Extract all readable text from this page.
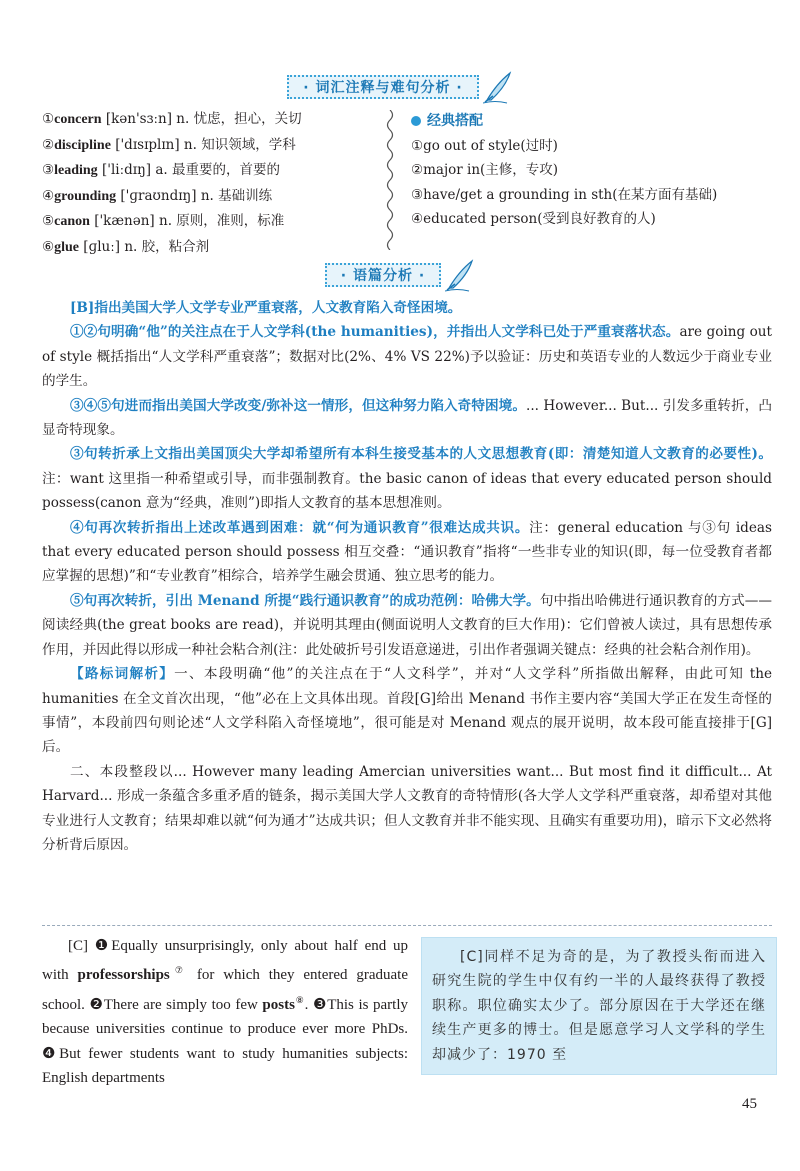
· 词汇注释与难句分析 ·
①concern [kən'sɜːn] n. 忧虑，担心，关切
②discipline ['dɪsɪplɪn] n. 知识领域，学科
③leading ['liːdɪŋ] a. 最重要的，首要的
④grounding ['ɡraʊndɪŋ] n. 基础训练
⑤canon ['kænən] n. 原则，准则，标准
⑥glue [ɡluː] n. 胶，粘合剂
经典搭配
①go out of style(过时)
②major in(主修，专攻)
③have/get a grounding in sth(在某方面有基础)
④educated person(受到良好教育的人)
· 语篇分析 ·
[B]指出美国大学人文学专业严重衰落，人文教育陷入奇怪困境。
①②句明确“他”的关注点在于人文学科(the humanities)，并指出人文学科已处于严重衰落状态。are going out of style 概括指出“人文学科严重衰落”；数据对比(2%、4% VS 22%)予以验证：历史和英语专业的人数远少于商业专业的学生。
③④⑤句进而指出美国大学改变/弥补这一情形，但这种努力陷入奇特困境。... However... But... 引发多重转折，凸显奇特现象。
③句转折承上文指出美国顶尖大学却希望所有本科生接受基本的人文思想教育(即：清楚知道人文教育的必要性)。注：want 这里指一种希望或引导，而非强制教育。the basic canon of ideas that every educated person should possess(canon 意为“经典，准则”)即指人文教育的基本思想准则。
④句再次转折指出上述改革遇到困难：就“何为通识教育”很难达成共识。注：general education 与③句 ideas that every educated person should possess 相互交叠：“通识教育”指将“一些非专业的知识(即，每一位受教育者都应掌握的思想)”和“专业教育”相综合，培养学生融会贯通、独立思考的能力。
⑤句再次转折，引出 Menand 所提“践行通识教育”的成功范例：哈佛大学。句中指出哈佛进行通识教育的方式——阅读经典(the great books are read)，并说明其理由(侧面说明人文教育的巨大作用)：它们曾被人读过，具有思想传承作用，并因此得以形成一种社会粘合剂(注：此处破折号引发语意递进，引出作者强调关键点：经典的社会粘合剂作用)。
【路标词解析】一、本段明确“他”的关注点在于“人文科学”，并对“人文学科”所指做出解释，由此可知 the humanities 在全文首次出现，“他”必在上文具体出现。首段[G]给出 Menand 书作主要内容“美国大学正在发生奇怪的事情”，本段前四句则论述“人文学科陷入奇怪境地”，很可能是对 Menand 观点的展开说明，故本段可能直接排于[G]后。
二、本段整段以... However many leading Amercian universities want... But most find it difficult... At Harvard... 形成一条蕴含多重矛盾的链条，揭示美国大学人文教育的奇特情形(各大学人文学科严重衰落，却希望对其他专业进行人文教育；结果却难以就“何为通才”达成共识；但人文教育并非不能实现、且确实有重要功用)，暗示下文必然将分析背后原因。
[C] ❶Equally unsurprisingly, only about half end up with professorships⑦ for which they entered graduate school. ❷There are simply too few posts⑧. ❸This is partly because universities continue to produce ever more PhDs. ❹But fewer students want to study humanities subjects: English departments
[C]同样不足为奇的是，为了教授头衔而进入研究生院的学生中仅有约一半的人最终获得了教授职称。职位确实太少了。部分原因在于大学还在继续生产更多的博士。但是愿意学习人文学科的学生却减少了：1970 至
45
